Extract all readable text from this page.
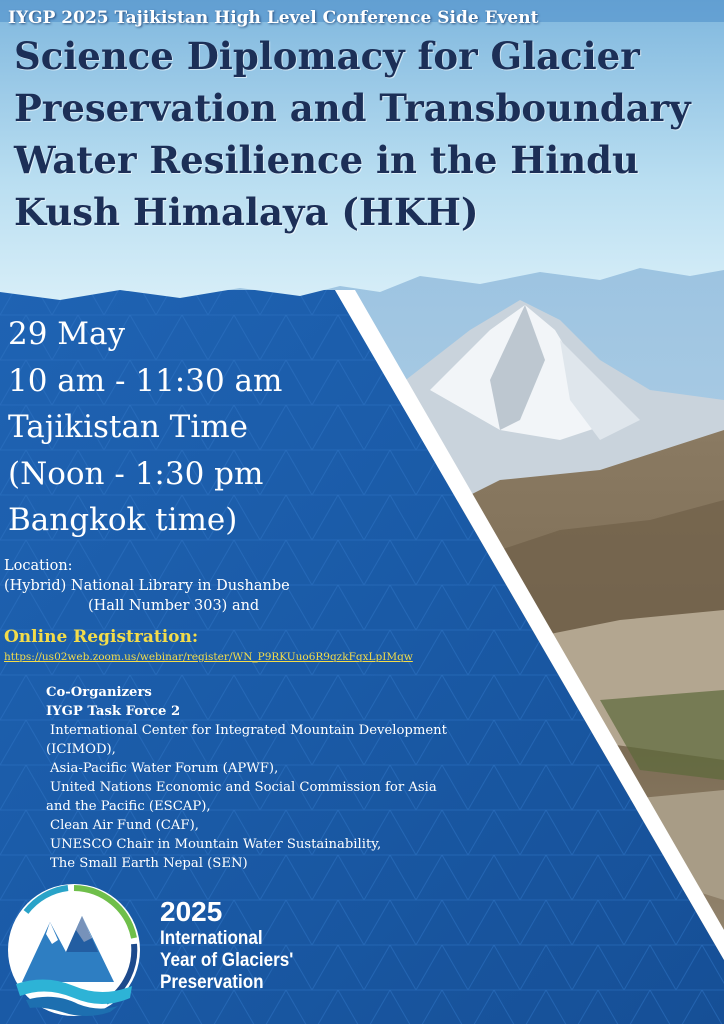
IYGP 2025 Tajikistan High Level Conference Side Event

Science Diplomacy for Glacier Preservation and Transboundary Water Resilience in the Hindu Kush Himalaya (HKH)
29 May
10 am - 11:30 am
Tajikistan Time
(Noon - 1:30 pm
Bangkok time)
Location:
(Hybrid) National Library in Dushanbe
(Hall Number 303) and

Online Registration:

https://us02web.zoom.us/webinar/register/WN_P9RKUuo6R9qzkFqxLpIMqw
Co-Organizers
IYGP Task Force 2
International Center for Integrated Mountain Development
(ICIMOD),
Asia-Pacific Water Forum (APWF),
United Nations Economic and Social Commission for Asia
and the Pacific (ESCAP),
Clean Air Fund (CAF),
UNESCO Chair in Mountain Water Sustainability,
The Small Earth Nepal (SEN)
2025
International
Year of Glaciers'
Preservation
